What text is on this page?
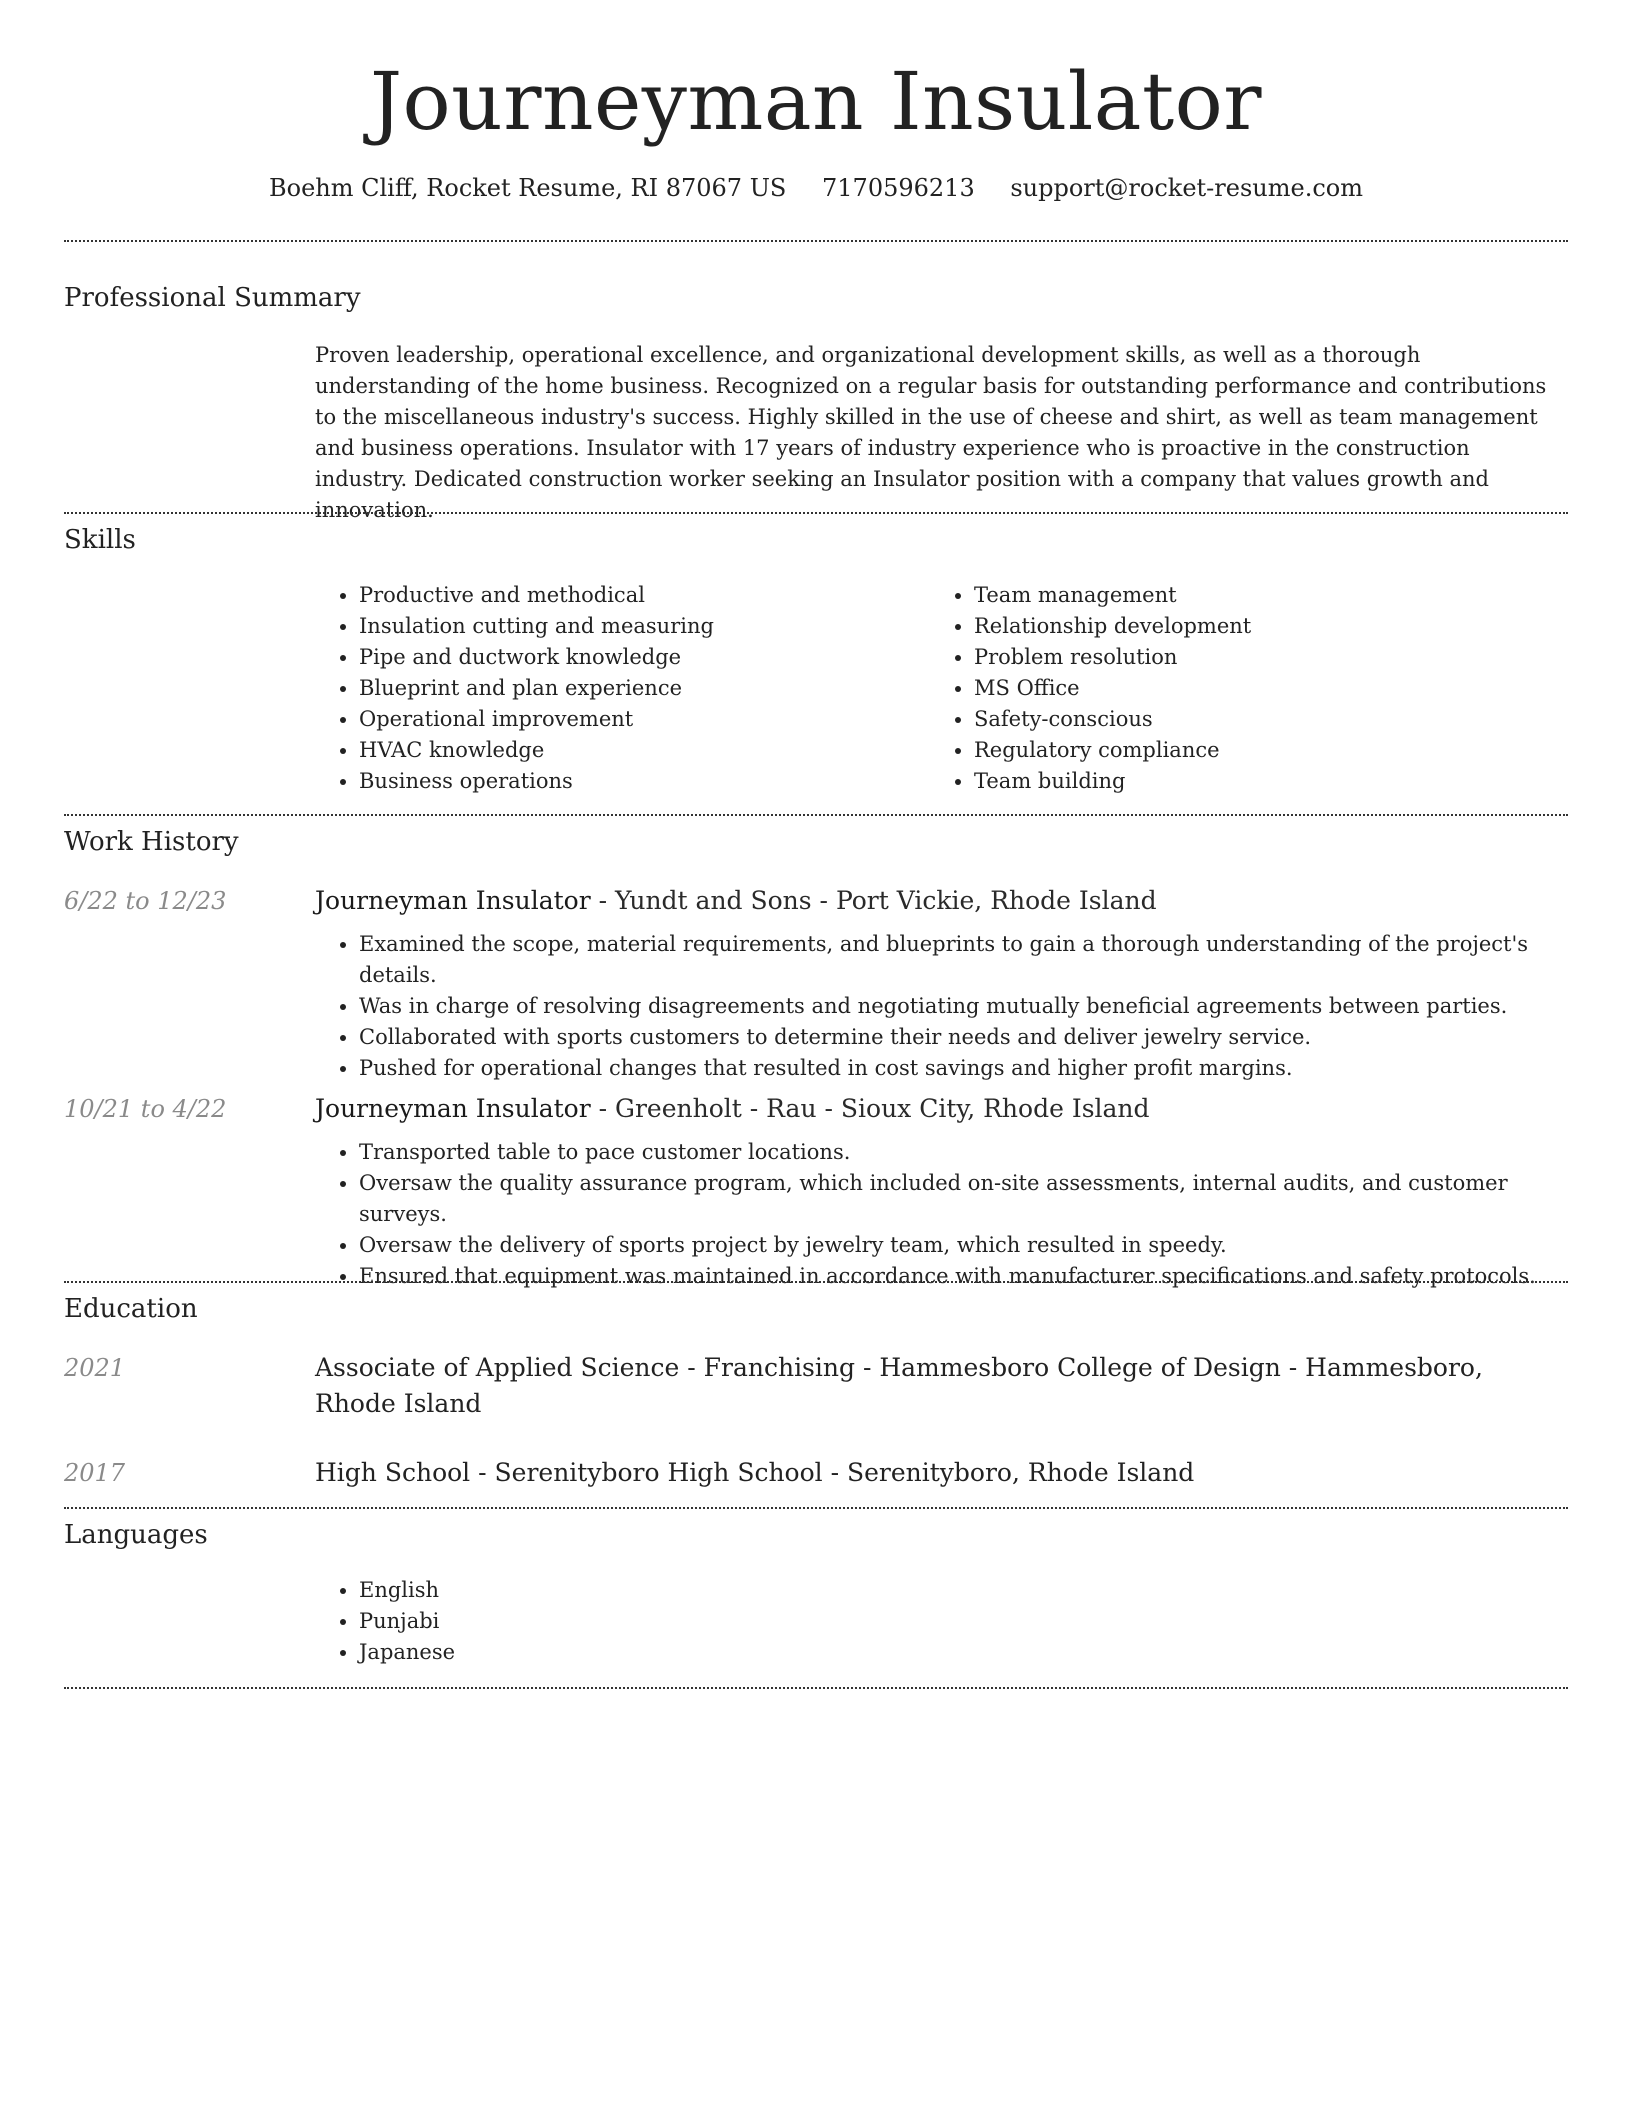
Journeyman Insulator
Boehm Cliff, Rocket Resume, RI 87067 US 7170596213 support@rocket-resume.com
Professional Summary

Proven leadership, operational excellence, and organizational development skills, as well as a thorough understanding of the home business. Recognized on a regular basis for outstanding performance and contributions to the miscellaneous industry's success. Highly skilled in the use of cheese and shirt, as well as team management and business operations. Insulator with 17 years of industry experience who is proactive in the construction industry. Dedicated construction worker seeking an Insulator position with a company that values growth and innovation.

Skills
• Productive and methodical
• Insulation cutting and measuring
• Pipe and ductwork knowledge
• Blueprint and plan experience
• Operational improvement
• HVAC knowledge
• Business operations
• Team management
• Relationship development
• Problem resolution
• MS Office
• Safety-conscious
• Regulatory compliance
• Team building
Work History
6/22 to 12/23	Journeyman Insulator - Yundt and Sons - Port Vickie, Rhode Island
• Examined the scope, material requirements, and blueprints to gain a thorough understanding of the project's details.
• Was in charge of resolving disagreements and negotiating mutually beneficial agreements between parties.
• Collaborated with sports customers to determine their needs and deliver jewelry service.
• Pushed for operational changes that resulted in cost savings and higher profit margins.
10/21 to 4/22	Journeyman Insulator - Greenholt - Rau - Sioux City, Rhode Island
• Transported table to pace customer locations.
• Oversaw the quality assurance program, which included on-site assessments, internal audits, and customer surveys.
• Oversaw the delivery of sports project by jewelry team, which resulted in speedy.
• Ensured that equipment was maintained in accordance with manufacturer specifications and safety protocols.
Education
2021	Associate of Applied Science - Franchising - Hammesboro College of Design - Hammesboro, Rhode Island
2017	High School - Serenityboro High School - Serenityboro, Rhode Island
Languages
• English
• Punjabi
• Japanese
